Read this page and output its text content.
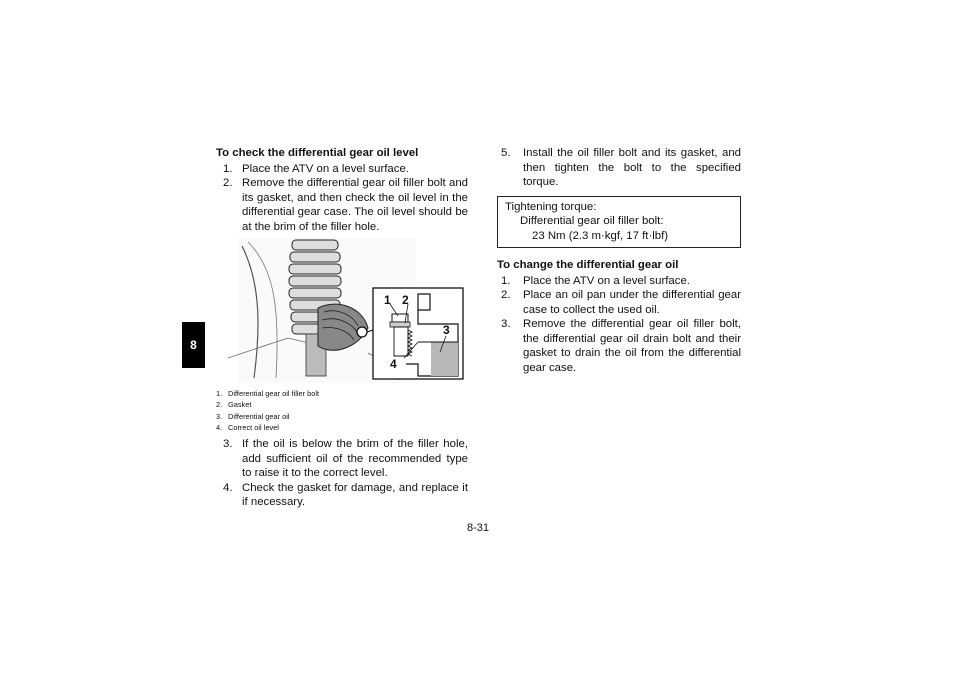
8
To check the differential gear oil level
1. Place the ATV on a level surface.
2. Remove the differential gear oil filler bolt and its gasket, and then check the oil level in the differential gear case. The oil level should be at the brim of the filler hole.
1 2
3
4
1. Differential gear oil filler bolt
2. Gasket
3. Differential gear oil
4. Correct oil level
3. If the oil is below the brim of the filler hole, add sufficient oil of the recommended type to raise it to the correct level.
4. Check the gasket for damage, and replace it if necessary.
5. Install the oil filler bolt and its gasket, and then tighten the bolt to the specified torque.
Tightening torque:
Differential gear oil filler bolt:
23 Nm (2.3 m·kgf, 17 ft·lbf)
To change the differential gear oil
1. Place the ATV on a level surface.
2. Place an oil pan under the differential gear case to collect the used oil.
3. Remove the differential gear oil filler bolt, the differential gear oil drain bolt and their gasket to drain the oil from the differential gear case.
8-31
